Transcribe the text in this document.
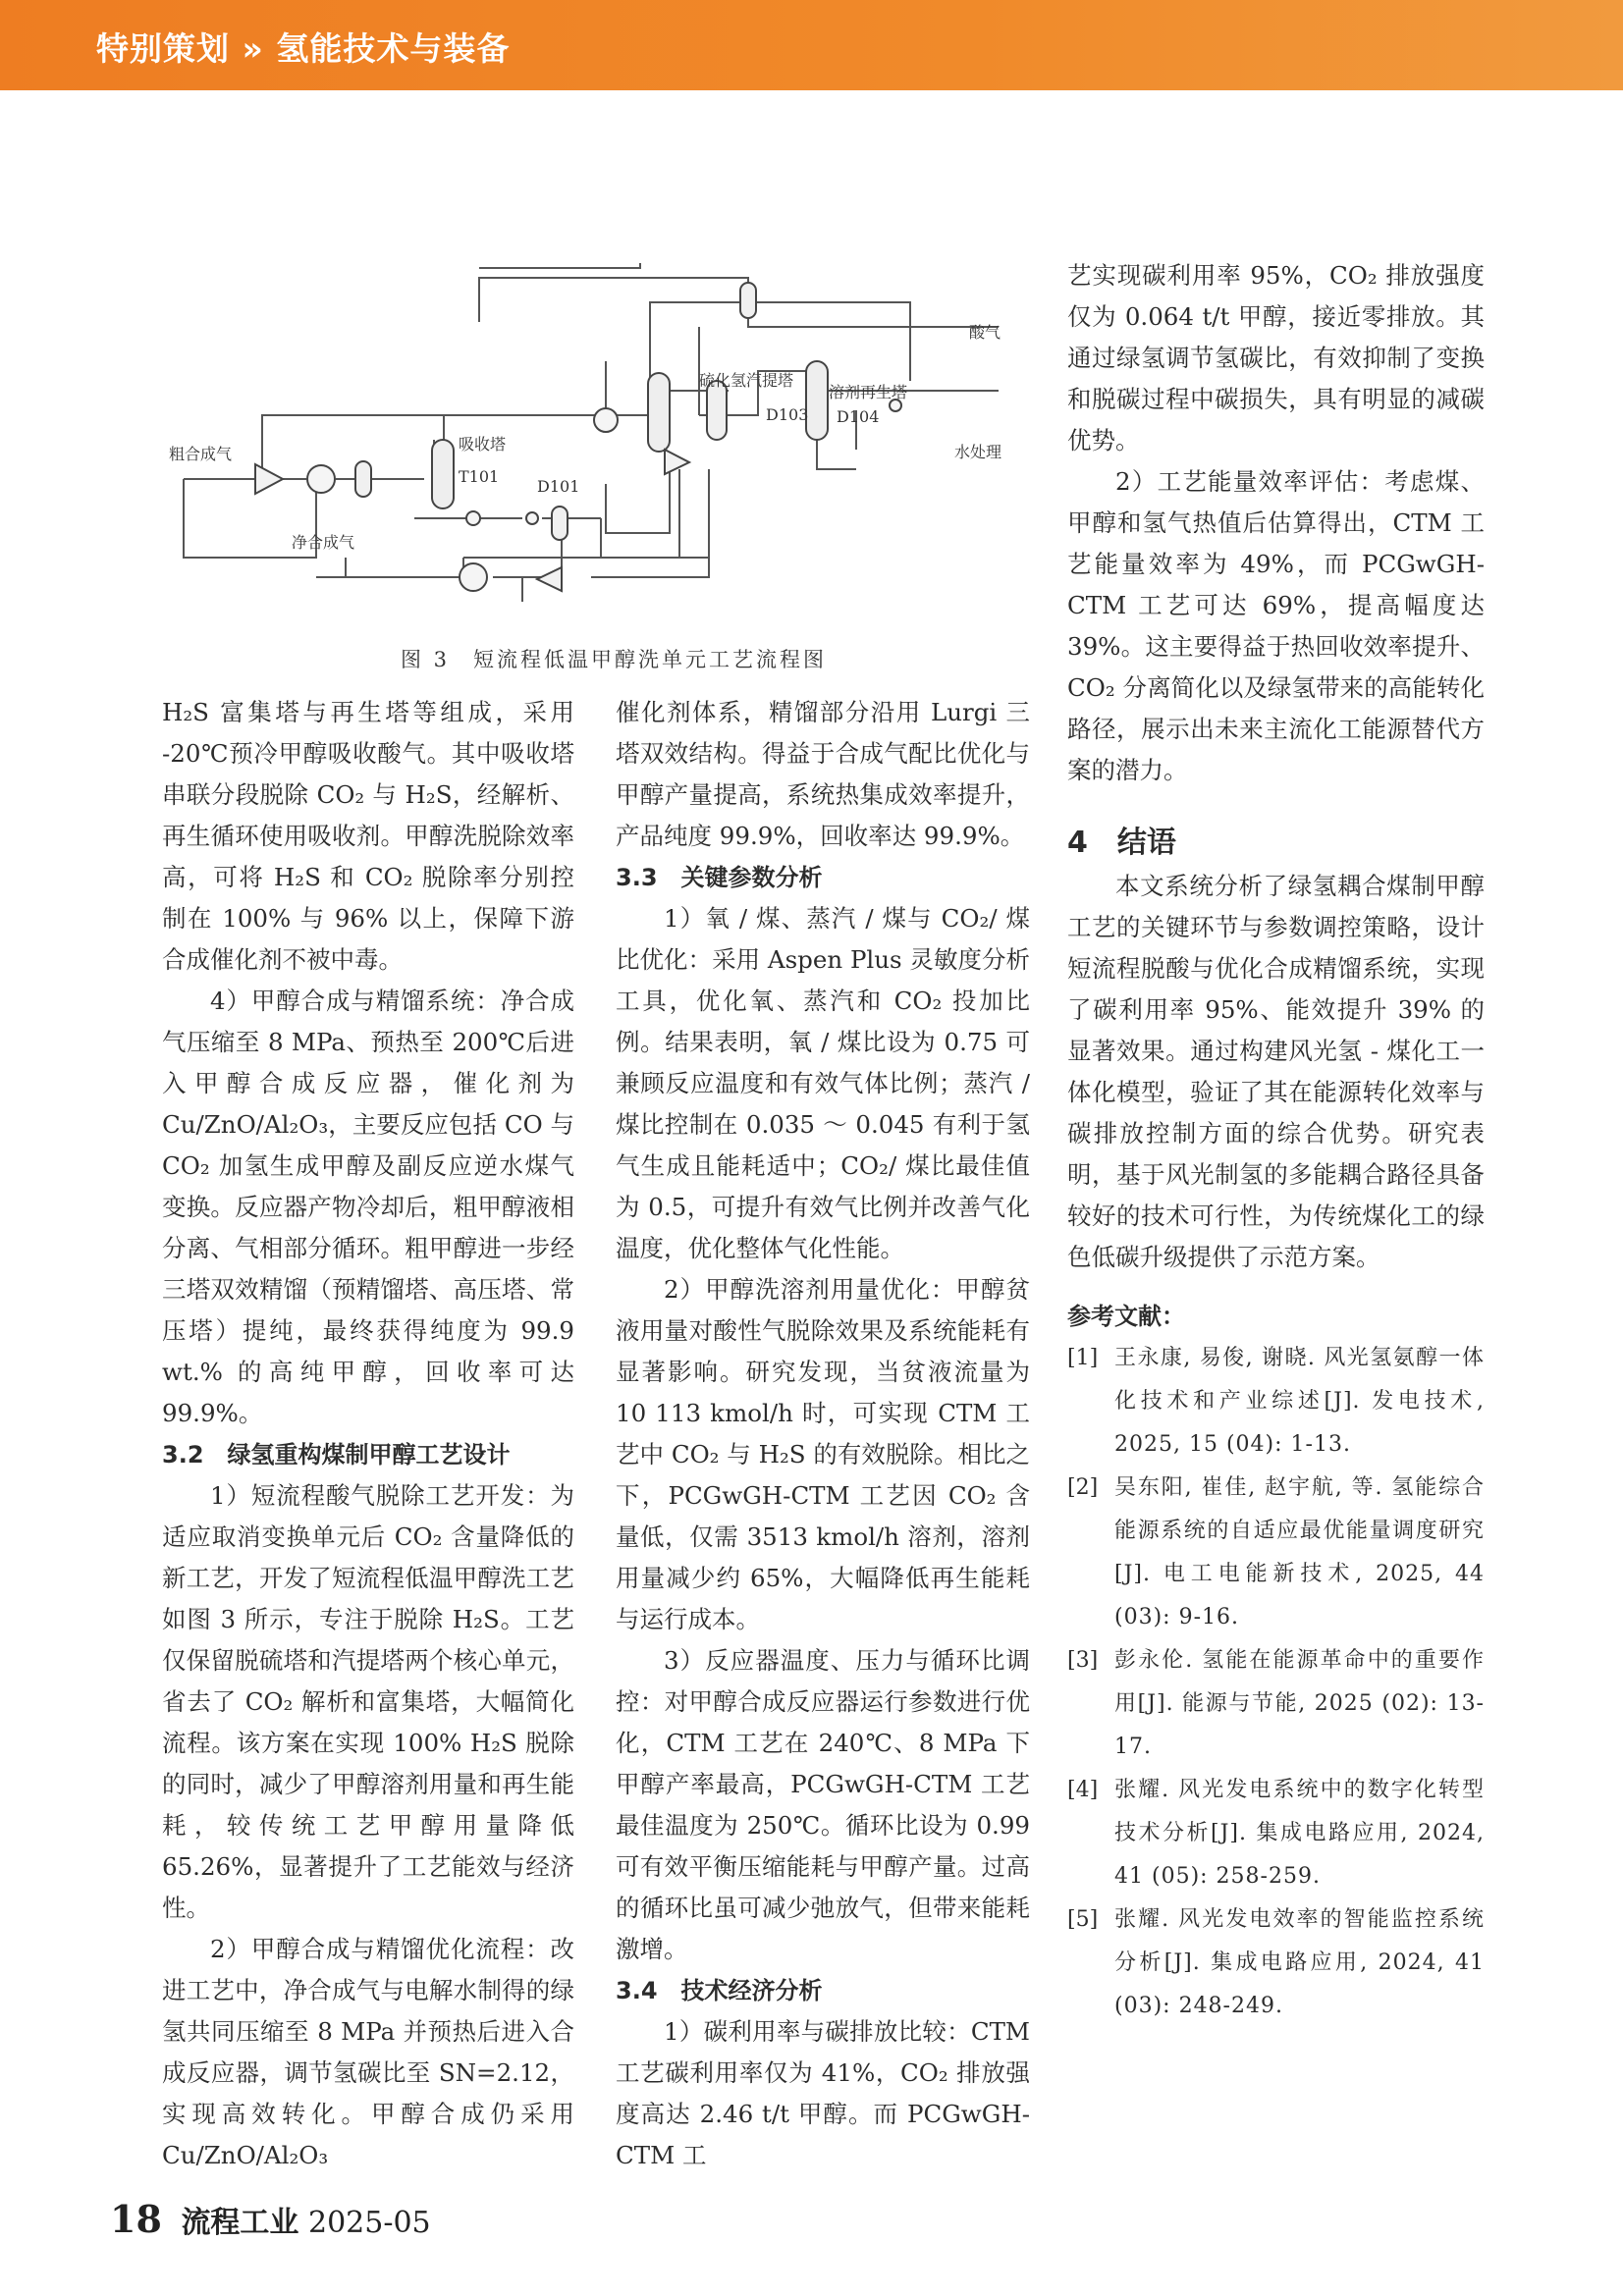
特别策划 » 氢能技术与装备
粗合成气
净合成气
吸收塔
T101
D101
硫化氢汽提塔
D103
溶剂再生塔
D104
酸气
水处理
图 3　短流程低温甲醇洗单元工艺流程图

H₂S 富集塔与再生塔等组成，采用 -20℃预冷甲醇吸收酸气。其中吸收塔串联分段脱除 CO₂ 与 H₂S，经解析、再生循环使用吸收剂。甲醇洗脱除效率高，可将 H₂S 和 CO₂ 脱除率分别控制在 100% 与 96% 以上，保障下游合成催化剂不被中毒。

4）甲醇合成与精馏系统：净合成气压缩至 8 MPa、预热至 200℃后进入甲醇合成反应器，催化剂为 Cu/ZnO/Al₂O₃，主要反应包括 CO 与 CO₂ 加氢生成甲醇及副反应逆水煤气变换。反应器产物冷却后，粗甲醇液相分离、气相部分循环。粗甲醇进一步经三塔双效精馏（预精馏塔、高压塔、常压塔）提纯，最终获得纯度为 99.9 wt.% 的高纯甲醇，回收率可达 99.9%。

3.2　绿氢重构煤制甲醇工艺设计

1）短流程酸气脱除工艺开发：为适应取消变换单元后 CO₂ 含量降低的新工艺，开发了短流程低温甲醇洗工艺如图 3 所示，专注于脱除 H₂S。工艺仅保留脱硫塔和汽提塔两个核心单元，省去了 CO₂ 解析和富集塔，大幅简化流程。该方案在实现 100% H₂S 脱除的同时，减少了甲醇溶剂用量和再生能耗，较传统工艺甲醇用量降低 65.26%，显著提升了工艺能效与经济性。

2）甲醇合成与精馏优化流程：改进工艺中，净合成气与电解水制得的绿氢共同压缩至 8 MPa 并预热后进入合成反应器，调节氢碳比至 SN=2.12，实现高效转化。甲醇合成仍采用 Cu/ZnO/Al₂O₃

催化剂体系，精馏部分沿用 Lurgi 三塔双效结构。得益于合成气配比优化与甲醇产量提高，系统热集成效率提升，产品纯度 99.9%，回收率达 99.9%。

3.3　关键参数分析

1）氧 / 煤、蒸汽 / 煤与 CO₂/ 煤比优化：采用 Aspen Plus 灵敏度分析工具，优化氧、蒸汽和 CO₂ 投加比例。结果表明，氧 / 煤比设为 0.75 可兼顾反应温度和有效气体比例；蒸汽 / 煤比控制在 0.035 ～ 0.045 有利于氢气生成且能耗适中；CO₂/ 煤比最佳值为 0.5，可提升有效气比例并改善气化温度，优化整体气化性能。

2）甲醇洗溶剂用量优化：甲醇贫液用量对酸性气脱除效果及系统能耗有显著影响。研究发现，当贫液流量为 10 113 kmol/h 时，可实现 CTM 工艺中 CO₂ 与 H₂S 的有效脱除。相比之下，PCGwGH-CTM 工艺因 CO₂ 含量低，仅需 3513 kmol/h 溶剂，溶剂用量减少约 65%，大幅降低再生能耗与运行成本。

3）反应器温度、压力与循环比调控：对甲醇合成反应器运行参数进行优化，CTM 工艺在 240℃、8 MPa 下甲醇产率最高，PCGwGH-CTM 工艺最佳温度为 250℃。循环比设为 0.99 可有效平衡压缩能耗与甲醇产量。过高的循环比虽可减少弛放气，但带来能耗激增。

3.4　技术经济分析

1）碳利用率与碳排放比较：CTM 工艺碳利用率仅为 41%，CO₂ 排放强度高达 2.46 t/t 甲醇。而 PCGwGH-CTM 工

艺实现碳利用率 95%，CO₂ 排放强度仅为 0.064 t/t 甲醇，接近零排放。其通过绿氢调节氢碳比，有效抑制了变换和脱碳过程中碳损失，具有明显的减碳优势。

2）工艺能量效率评估：考虑煤、甲醇和氢气热值后估算得出，CTM 工艺能量效率为 49%，而 PCGwGH-CTM 工艺可达 69%，提高幅度达 39%。这主要得益于热回收效率提升、CO₂ 分离简化以及绿氢带来的高能转化路径，展示出未来主流化工能源替代方案的潜力。

4　结语

本文系统分析了绿氢耦合煤制甲醇工艺的关键环节与参数调控策略，设计短流程脱酸与优化合成精馏系统，实现了碳利用率 95%、能效提升 39% 的显著效果。通过构建风光氢 - 煤化工一体化模型，验证了其在能源转化效率与碳排放控制方面的综合优势。研究表明，基于风光制氢的多能耦合路径具备较好的技术可行性，为传统煤化工的绿色低碳升级提供了示范方案。

参考文献：
[1] 王永康, 易俊, 谢晓. 风光氢氨醇一体化技术和产业综述[J]. 发电技术, 2025, 15 (04): 1-13.
[2] 吴东阳, 崔佳, 赵宇航, 等. 氢能综合能源系统的自适应最优能量调度研究[J]. 电工电能新技术, 2025, 44 (03): 9-16.
[3] 彭永伦. 氢能在能源革命中的重要作用[J]. 能源与节能, 2025 (02): 13-17.
[4] 张耀. 风光发电系统中的数字化转型技术分析[J]. 集成电路应用, 2024, 41 (05): 258-259.
[5] 张耀. 风光发电效率的智能监控系统分析[J]. 集成电路应用, 2024, 41 (03): 248-249.
18 流程工业 2025-05
